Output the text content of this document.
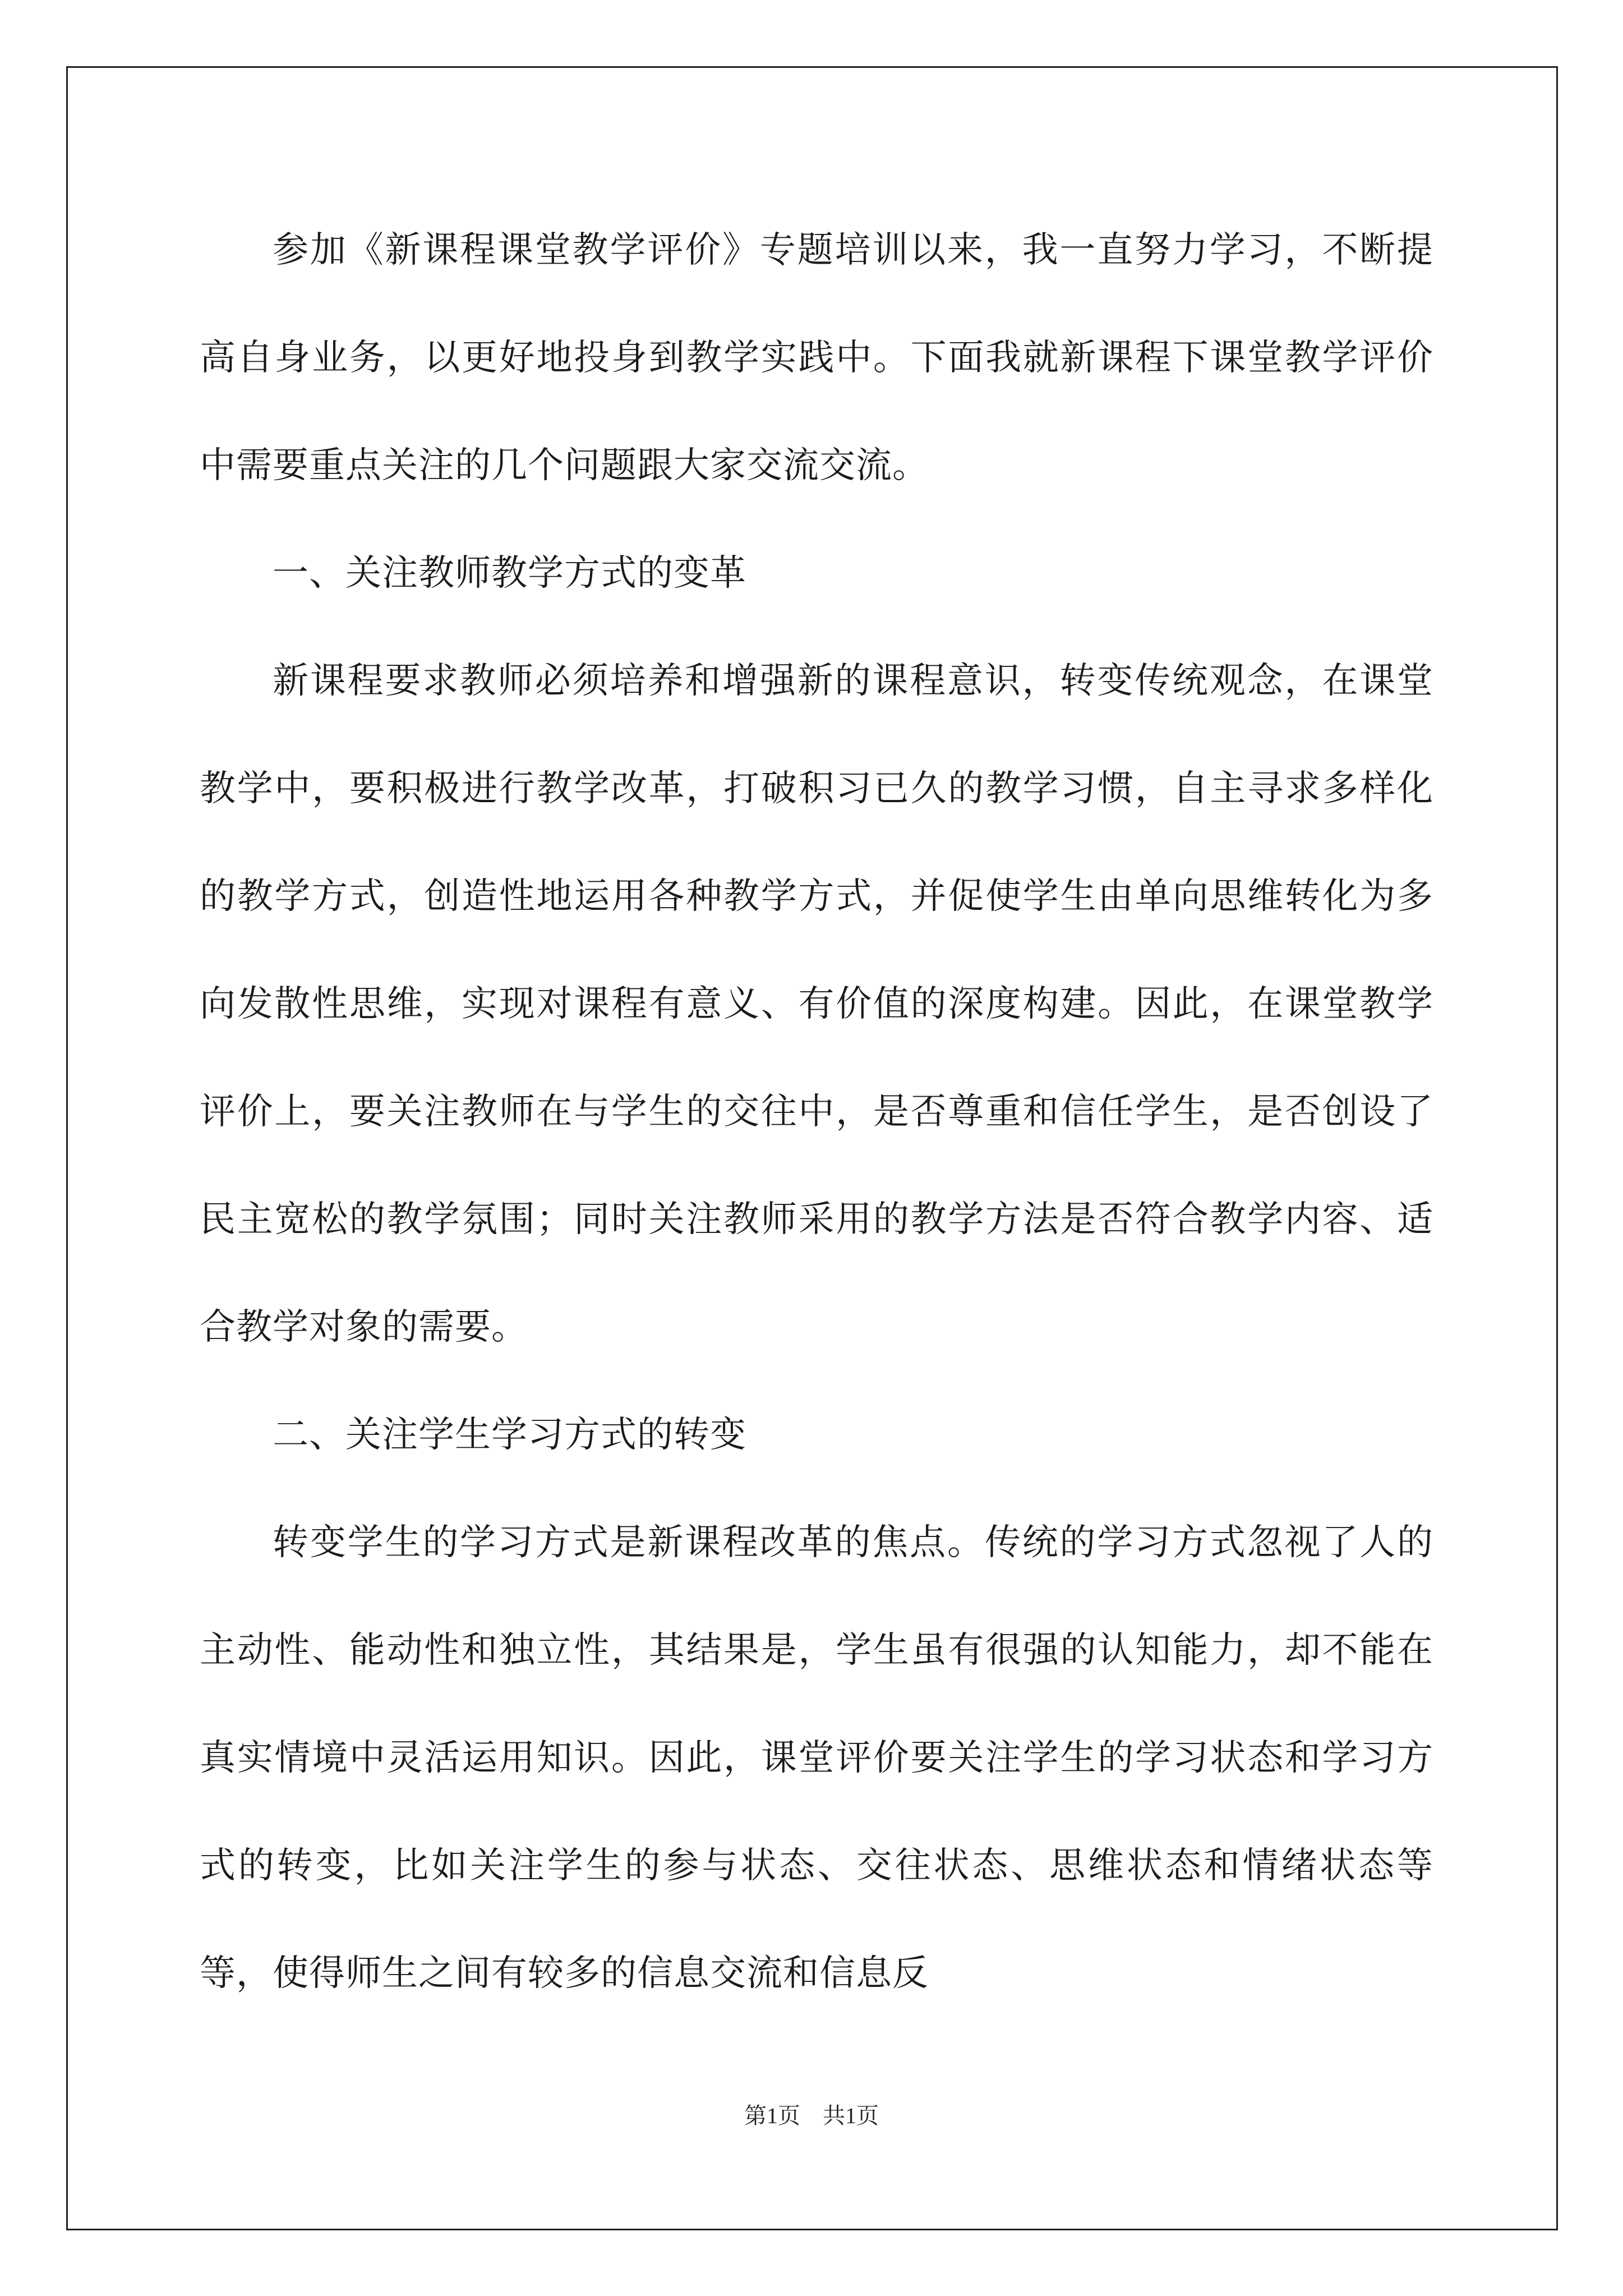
参加《新课程课堂教学评价》专题培训以来，我一直努力学习，不断提高自身业务，以更好地投身到教学实践中。下面我就新课程下课堂教学评价中需要重点关注的几个问题跟大家交流交流。

一、关注教师教学方式的变革

新课程要求教师必须培养和增强新的课程意识，转变传统观念，在课堂教学中，要积极进行教学改革，打破积习已久的教学习惯，自主寻求多样化的教学方式，创造性地运用各种教学方式，并促使学生由单向思维转化为多向发散性思维，实现对课程有意义、有价值的深度构建。因此，在课堂教学评价上，要关注教师在与学生的交往中，是否尊重和信任学生，是否创设了民主宽松的教学氛围；同时关注教师采用的教学方法是否符合教学内容、适合教学对象的需要。

二、关注学生学习方式的转变

转变学生的学习方式是新课程改革的焦点。传统的学习方式忽视了人的主动性、能动性和独立性，其结果是，学生虽有很强的认知能力，却不能在真实情境中灵活运用知识。因此，课堂评价要关注学生的学习状态和学习方式的转变，比如关注学生的参与状态、交往状态、思维状态和情绪状态等等，使得师生之间有较多的信息交流和信息反

第1页　共1页
